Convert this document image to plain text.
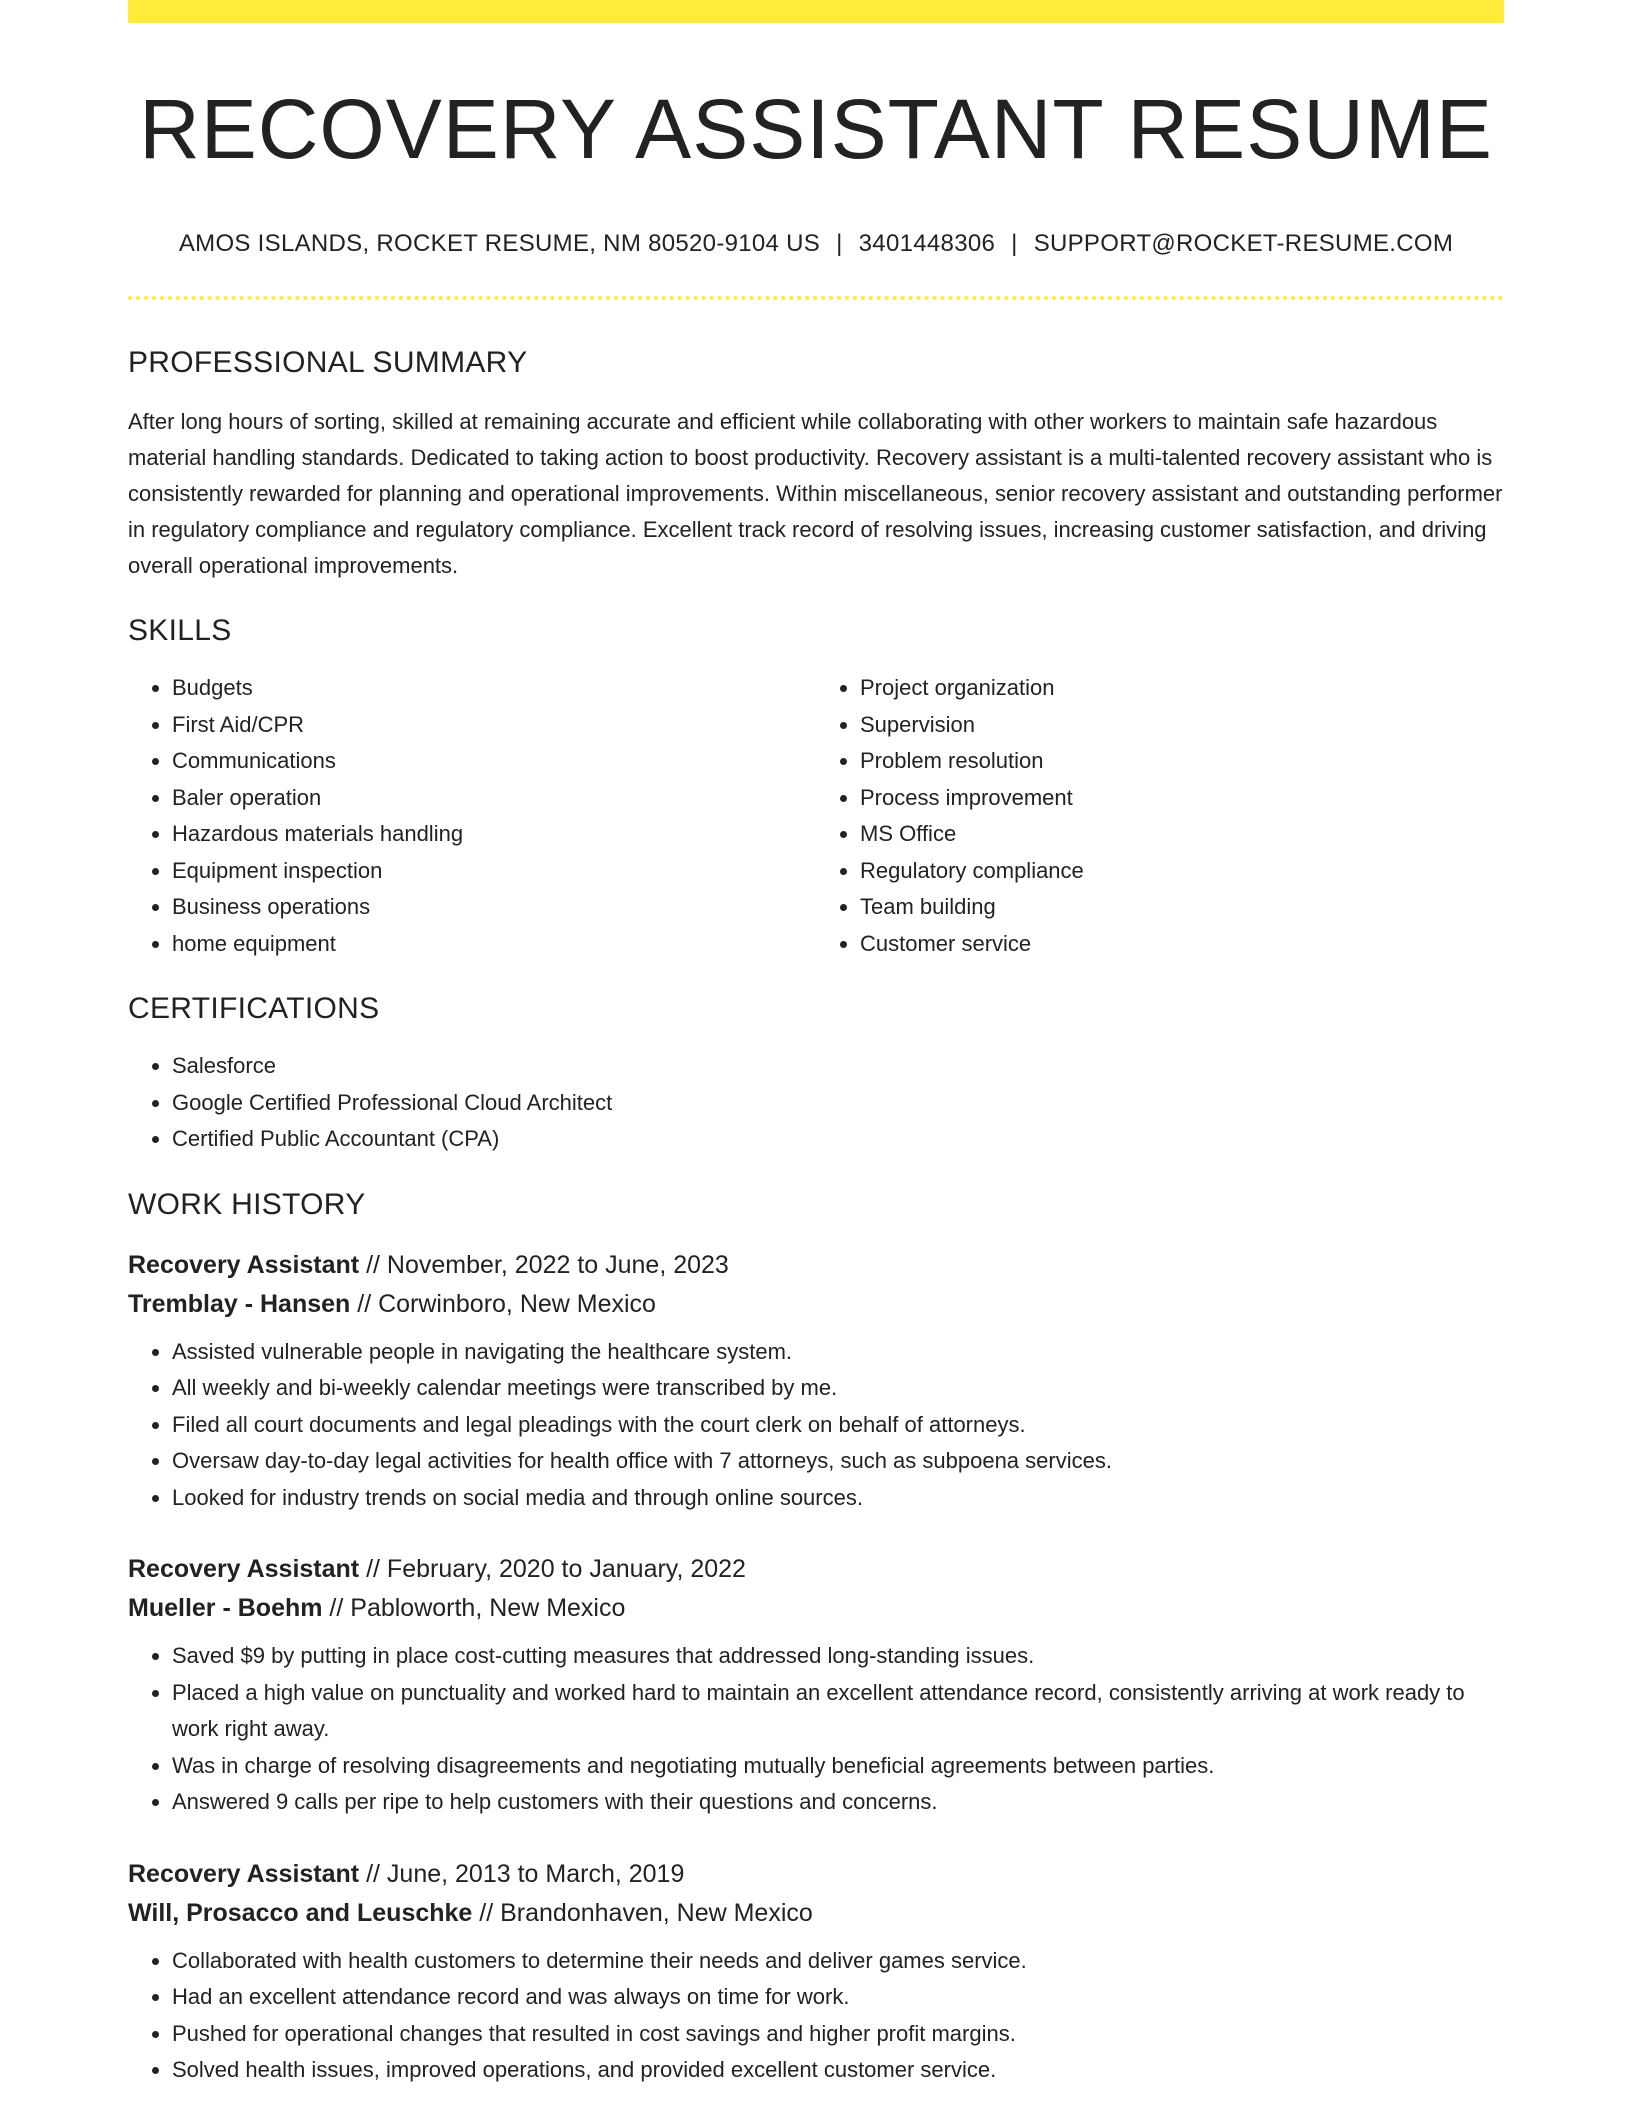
RECOVERY ASSISTANT RESUME
AMOS ISLANDS, ROCKET RESUME, NM 80520-9104 US | 3401448306 | SUPPORT@ROCKET-RESUME.COM
PROFESSIONAL SUMMARY
After long hours of sorting, skilled at remaining accurate and efficient while collaborating with other workers to maintain safe hazardous material handling standards. Dedicated to taking action to boost productivity. Recovery assistant is a multi-talented recovery assistant who is consistently rewarded for planning and operational improvements. Within miscellaneous, senior recovery assistant and outstanding performer in regulatory compliance and regulatory compliance. Excellent track record of resolving issues, increasing customer satisfaction, and driving overall operational improvements.
SKILLS
• Budgets
• First Aid/CPR
• Communications
• Baler operation
• Hazardous materials handling
• Equipment inspection
• Business operations
• home equipment
• Project organization
• Supervision
• Problem resolution
• Process improvement
• MS Office
• Regulatory compliance
• Team building
• Customer service
CERTIFICATIONS
• Salesforce
• Google Certified Professional Cloud Architect
• Certified Public Accountant (CPA)
WORK HISTORY
Recovery Assistant // November, 2022 to June, 2023
Tremblay - Hansen // Corwinboro, New Mexico
• Assisted vulnerable people in navigating the healthcare system.
• All weekly and bi-weekly calendar meetings were transcribed by me.
• Filed all court documents and legal pleadings with the court clerk on behalf of attorneys.
• Oversaw day-to-day legal activities for health office with 7 attorneys, such as subpoena services.
• Looked for industry trends on social media and through online sources.
Recovery Assistant // February, 2020 to January, 2022
Mueller - Boehm // Pabloworth, New Mexico
• Saved $9 by putting in place cost-cutting measures that addressed long-standing issues.
• Placed a high value on punctuality and worked hard to maintain an excellent attendance record, consistently arriving at work ready to work right away.
• Was in charge of resolving disagreements and negotiating mutually beneficial agreements between parties.
• Answered 9 calls per ripe to help customers with their questions and concerns.
Recovery Assistant // June, 2013 to March, 2019
Will, Prosacco and Leuschke // Brandonhaven, New Mexico
• Collaborated with health customers to determine their needs and deliver games service.
• Had an excellent attendance record and was always on time for work.
• Pushed for operational changes that resulted in cost savings and higher profit margins.
• Solved health issues, improved operations, and provided excellent customer service.
